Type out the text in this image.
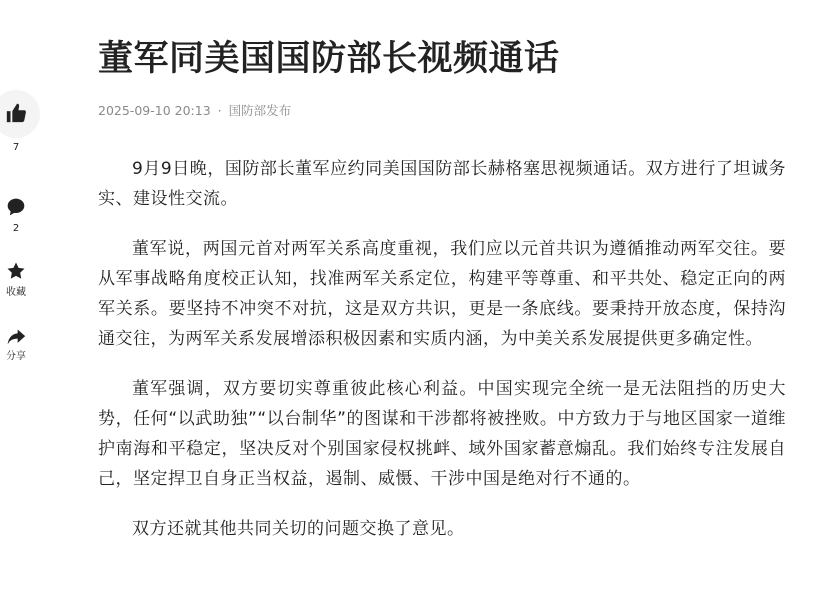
7
2
收藏
分享
董军同美国国防部长视频通话
2025-09-10 20:13 · 国防部发布

9月9日晚，国防部长董军应约同美国国防部长赫格塞思视频通话。双方进行了坦诚务实、建设性交流。

董军说，两国元首对两军关系高度重视，我们应以元首共识为遵循推动两军交往。要从军事战略角度校正认知，找准两军关系定位，构建平等尊重、和平共处、稳定正向的两军关系。要坚持不冲突不对抗，这是双方共识，更是一条底线。要秉持开放态度，保持沟通交往，为两军关系发展增添积极因素和实质内涵，为中美关系发展提供更多确定性。

董军强调，双方要切实尊重彼此核心利益。中国实现完全统一是无法阻挡的历史大势，任何“以武助独”“以台制华”的图谋和干涉都将被挫败。中方致力于与地区国家一道维护南海和平稳定，坚决反对个别国家侵权挑衅、域外国家蓄意煽乱。我们始终专注发展自己，坚定捍卫自身正当权益，遏制、威慑、干涉中国是绝对行不通的。

双方还就其他共同关切的问题交换了意见。
